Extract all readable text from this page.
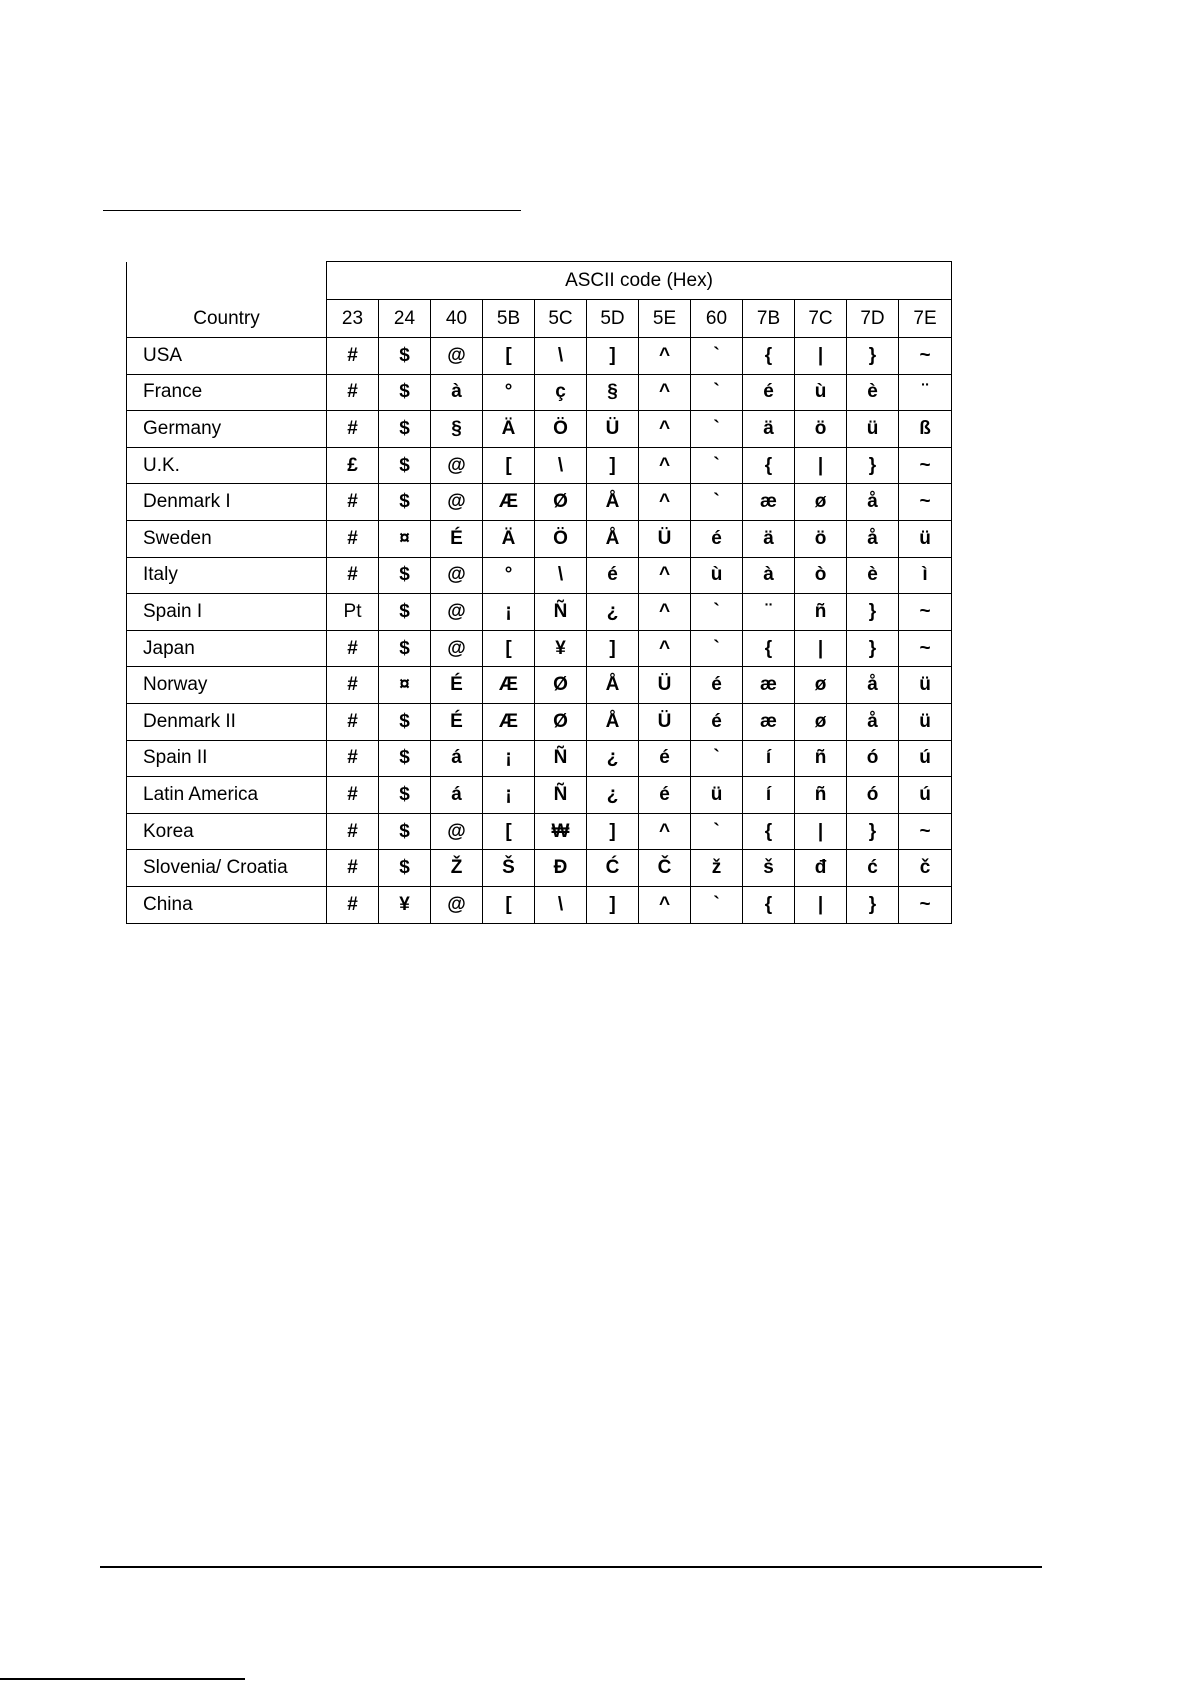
Country	ASCII code (Hex)											
	23	24	40	5B	5C	5D	5E	60	7B	7C	7D	7E
USA	#	$	@	[	\	]	^	`	{	|	}	~
France	#	$	à	°	ç	§	^	`	é	ù	è	¨
Germany	#	$	§	Ä	Ö	Ü	^	`	ä	ö	ü	ß
U.K.	£	$	@	[	\	]	^	`	{	|	}	~
Denmark I	#	$	@	Æ	Ø	Å	^	`	æ	ø	å	~
Sweden	#	¤	É	Ä	Ö	Å	Ü	é	ä	ö	å	ü
Italy	#	$	@	°	\	é	^	ù	à	ò	è	ì
Spain I	Pt	$	@	¡	Ñ	¿	^	`	¨	ñ	}	~
Japan	#	$	@	[	¥	]	^	`	{	|	}	~
Norway	#	¤	É	Æ	Ø	Å	Ü	é	æ	ø	å	ü
Denmark II	#	$	É	Æ	Ø	Å	Ü	é	æ	ø	å	ü
Spain II	#	$	á	¡	Ñ	¿	é	`	í	ñ	ó	ú
Latin America	#	$	á	¡	Ñ	¿	é	ü	í	ñ	ó	ú
Korea	#	$	@	[	₩	]	^	`	{	|	}	~
Slovenia/ Croatia	#	$	Ž	Š	Đ	Ć	Č	ž	š	đ	ć	č
China	#	¥	@	[	\	]	^	`	{	|	}	~
